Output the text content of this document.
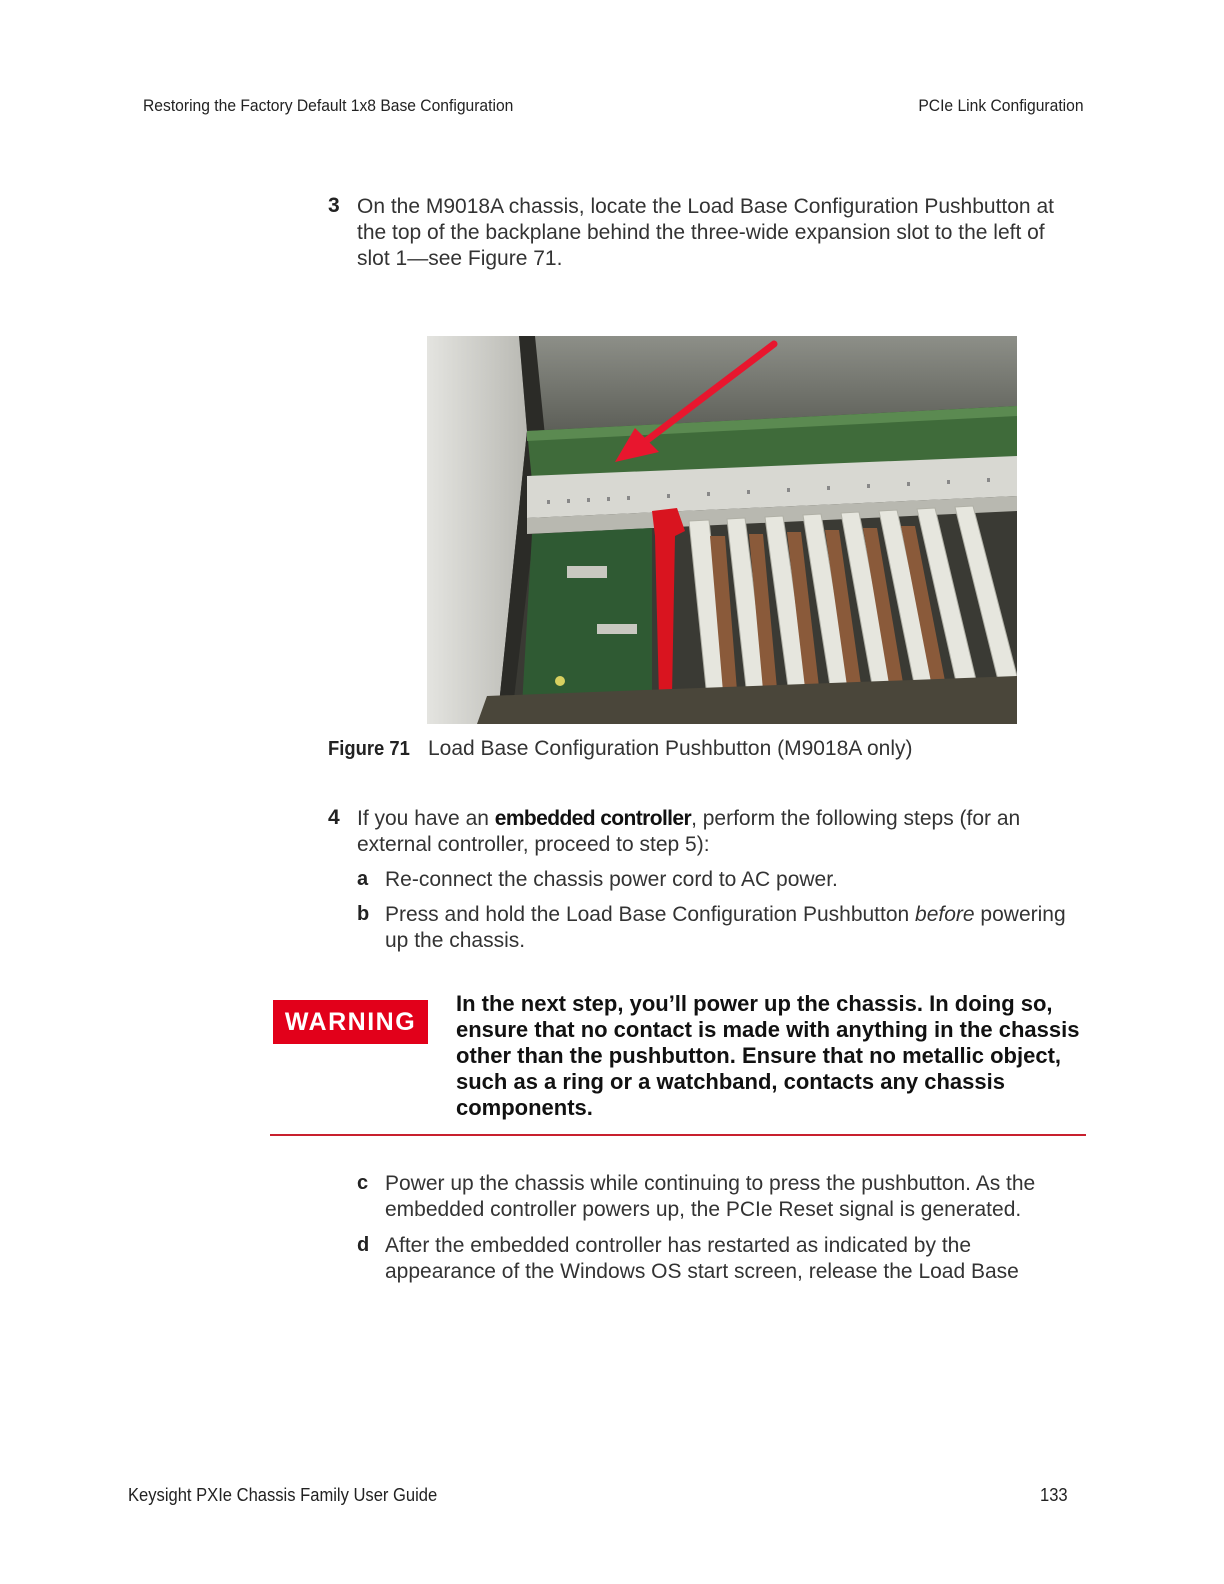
Restoring the Factory Default 1x8 Base Configuration	PCIe Link Configuration
3 On the M9018A chassis, locate the Load Base Configuration Pushbutton at the top of the backplane behind the three-wide expansion slot to the left of slot 1—see Figure 71.
Figure 71 Load Base Configuration Pushbutton (M9018A only)
4 If you have an embedded controller, perform the following steps (for an external controller, proceed to step 5):
a Re-connect the chassis power cord to AC power.
b Press and hold the Load Base Configuration Pushbutton before powering up the chassis.
WARNING
In the next step, you’ll power up the chassis. In doing so, ensure that no contact is made with anything in the chassis other than the pushbutton. Ensure that no metallic object, such as a ring or a watchband, contacts any chassis components.
c Power up the chassis while continuing to press the pushbutton. As the embedded controller powers up, the PCIe Reset signal is generated.
d After the embedded controller has restarted as indicated by the appearance of the Windows OS start screen, release the Load Base
Keysight PXIe Chassis Family User Guide	133
